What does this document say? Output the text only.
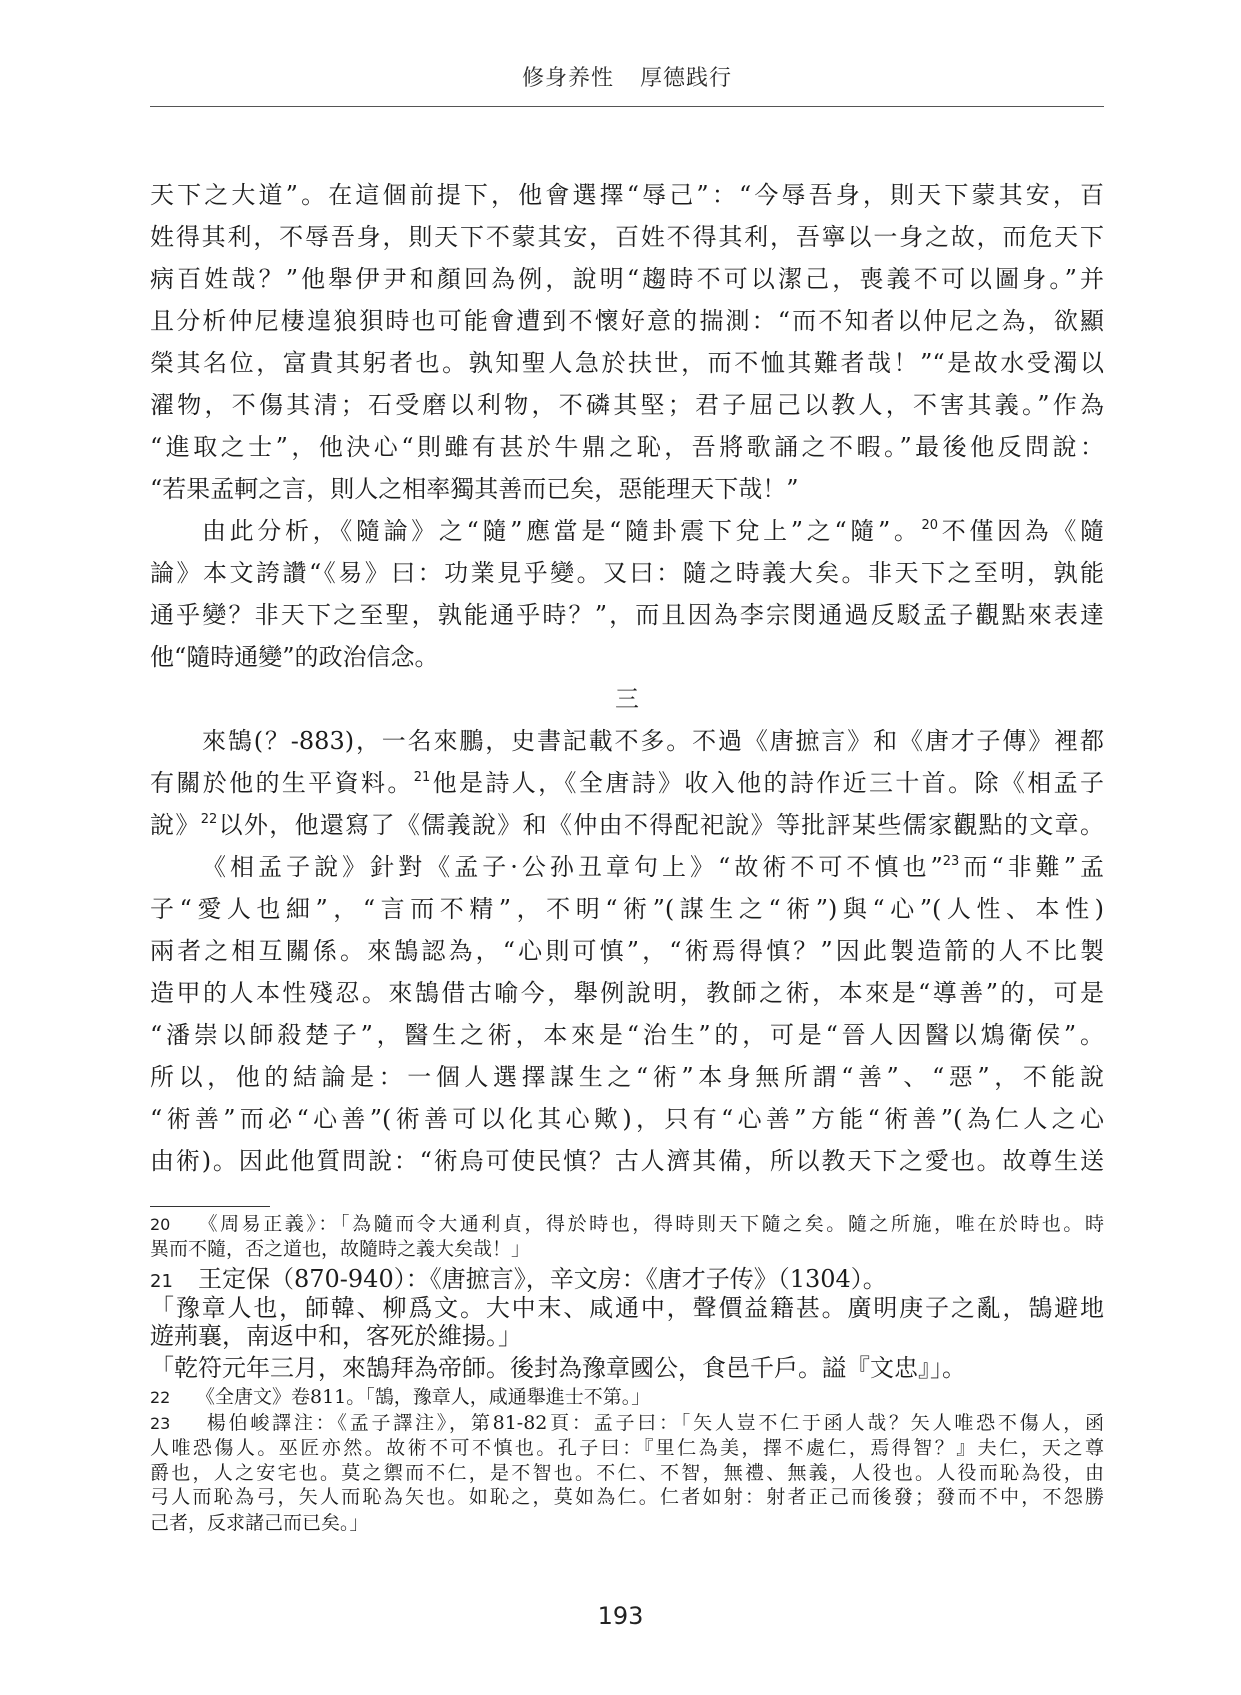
修身养性 厚德践行
天下之大道”。在這個前提下，他會選擇“辱己”：“今辱吾身，則天下蒙其安，百
姓得其利，不辱吾身，則天下不蒙其安，百姓不得其利，吾寧以一身之故，而危天下
病百姓哉？”他舉伊尹和顏回為例，說明“趨時不可以潔己，喪義不可以圖身。”并
且分析仲尼棲遑狼狽時也可能會遭到不懷好意的揣測：“而不知者以仲尼之為，欲顯
榮其名位，富貴其躬者也。孰知聖人急於扶世，而不恤其難者哉！”“是故水受濁以
濯物，不傷其清；石受磨以利物，不磷其堅；君子屈己以教人，不害其義。”作為
“進取之士”，他決心“則雖有甚於牛鼎之恥，吾將歌誦之不暇。”最後他反問說：
“若果孟軻之言，則人之相率獨其善而已矣，惡能理天下哉！”
由此分析，《隨論》之“隨”應當是“隨卦震下兌上”之“隨”。$^{20}$不僅因為《隨
論》本文誇讚“《易》曰：功業見乎變。又曰：隨之時義大矣。非天下之至明，孰能
通乎變？非天下之至聖，孰能通乎時？”，而且因為李宗閔通過反駁孟子觀點來表達
他“隨時通變”的政治信念。
三
來鵠(？-883)，一名來鵬，史書記載不多。不過《唐摭言》和《唐才子傳》裡都
有關於他的生平資料。$^{21}$他是詩人，《全唐詩》收入他的詩作近三十首。除《相孟子
說》$^{22}$以外，他還寫了《儒義說》和《仲由不得配祀說》等批評某些儒家觀點的文章。
《相孟子說》針對《孟子·公孙丑章句上》“故術不可不慎也”$^{23}$而“非難”孟
子“愛人也細”，“言而不精”，不明“術”(謀生之“術”)與“心”(人性、本性)
兩者之相互關係。來鵠認為，“心則可慎”，“術焉得慎？”因此製造箭的人不比製
造甲的人本性殘忍。來鵠借古喻今，舉例說明，教師之術，本來是“導善”的，可是
“潘崇以師殺楚子”，醫生之術，本來是“治生”的，可是“晉人因醫以鴆衛侯”。
所以，他的結論是：一個人選擇謀生之“術”本身無所謂“善”、“惡”，不能說
“術善”而必“心善”(術善可以化其心歟)，只有“心善”方能“術善”(為仁人之心
由術)。因此他質問說：“術烏可使民慎？古人濟其備，所以教天下之愛也。故尊生送
20 《周易正義》：「為隨而令大通利貞，得於時也，得時則天下隨之矣。隨之所施，唯在於時也。時
異而不隨，否之道也，故隨時之義大矣哉！」
21 王定保（870-940）：《唐摭言》，辛文房：《唐才子传》（1304）。
「豫章人也，師韓、柳爲文。大中末、咸通中，聲價益籍甚。廣明庚子之亂，鵠避地
遊荊襄，南返中和，客死於維揚。」
「乾符元年三月，來鵠拜為帝師。後封為豫章國公，食邑千戶。謚『文忠』」。
22 《全唐文》卷811。「鵠，豫章人，咸通舉進士不第。」
23 楊伯峻譯注：《孟子譯注》，第81-82頁：孟子曰：「矢人豈不仁于函人哉？矢人唯恐不傷人，函
人唯恐傷人。巫匠亦然。故術不可不慎也。孔子曰：『里仁為美，擇不處仁，焉得智？』夫仁，天之尊
爵也，人之安宅也。莫之禦而不仁，是不智也。不仁、不智，無禮、無義，人役也。人役而恥為役，由
弓人而恥為弓，矢人而恥為矢也。如恥之，莫如為仁。仁者如射：射者正己而後發；發而不中，不怨勝
己者，反求諸己而已矣。」
193
